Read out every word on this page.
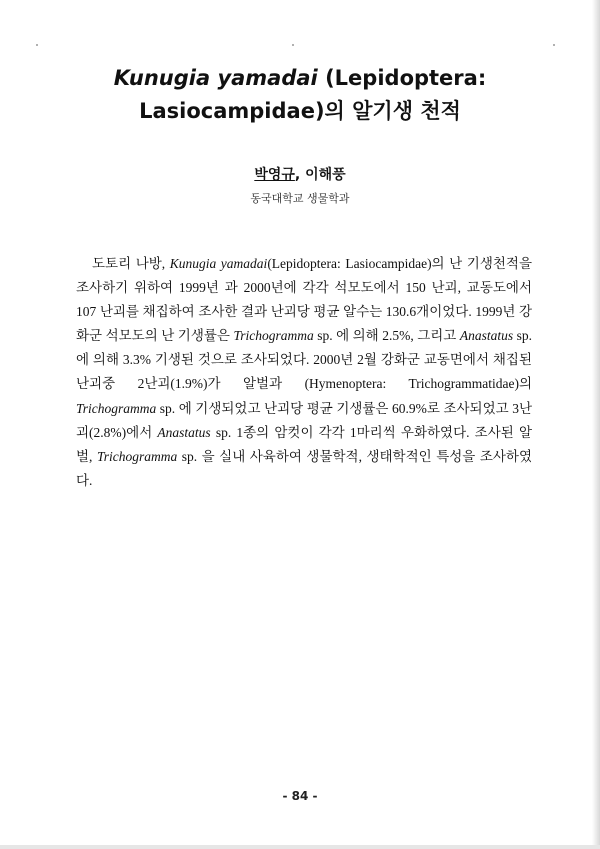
Kunugia yamadai (Lepidoptera:
Lasiocampidae)의 알기생 천적
박영규, 이해풍
동국대학교 생물학과

도토리 나방, Kunugia yamadai(Lepidoptera: Lasiocampidae)의 난 기생천적을 조사하기 위하여 1999년 과 2000년에 각각 석모도에서 150 난괴, 교동도에서 107 난괴를 채집하여 조사한 결과 난괴당 평균 알수는 130.6개이었다. 1999년 강화군 석모도의 난 기생률은 Trichogramma sp. 에 의해 2.5%, 그리고 Anastatus sp.에 의해 3.3% 기생된 것으로 조사되었다. 2000년 2월 강화군 교동면에서 채집된 난괴중 2난괴(1.9%)가 알벌과 (Hymenoptera: Trichogrammatidae)의 Trichogramma sp. 에 기생되었고 난괴당 평균 기생률은 60.9%로 조사되었고 3난괴(2.8%)에서 Anastatus sp. 1종의 암컷이 각각 1마리씩 우화하였다. 조사된 알벌, Trichogramma sp. 을 실내 사육하여 생물학적, 생태학적인 특성을 조사하였다.

- 84 -
